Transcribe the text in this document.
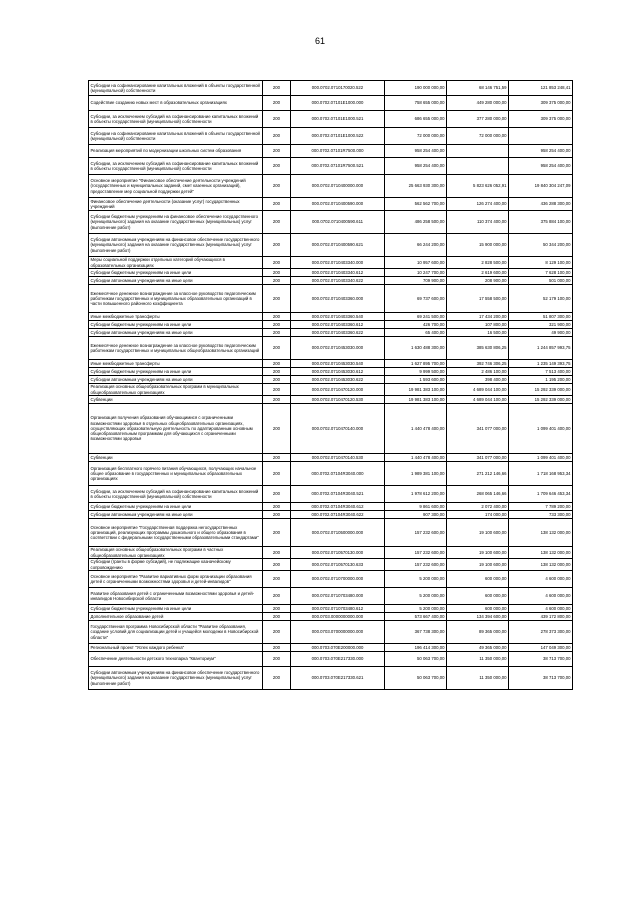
61
Субсидии на софинансирование капитальных вложений в объекты государственной (муниципальной) собственности	200	000.0702.0710170020.522	190 000 000,00	68 146 751,59	121 853 248,41
Содействие созданию новых мест в образовательных организациях	200	000.0702.07101Е1000.000	758 655 000,00	449 280 000,00	309 375 000,00
Субсидии, за исключением субсидий на софинансирование капитальных вложений в объекты государственной (муниципальной) собственности	200	000.0702.07101Е1000.521	686 655 000,00	377 280 000,00	309 375 000,00
Субсидии на софинансирование капитальных вложений в объекты государственной (муниципальной) собственности	200	000.0702.07101Е1000.522	72 000 000,00	72 000 000,00	
Реализация мероприятий по модернизации школьных систем образования	200	000.0702.07101R7500.000	958 254 400,00		958 254 400,00
Субсидии, за исключением субсидий на софинансирование капитальных вложений в объекты государственной (муниципальной) собственности	200	000.0702.07101R7500.521	958 254 400,00		958 254 400,00
Основное мероприятие "Финансовое обеспечение деятельности учреждений (государственных и муниципальных заданий, смет казенных организаций), предоставление мер социальной поддержки детей"	200	000.0702.0710400000.000	25 663 930 300,00	5 823 626 052,91	19 840 304 247,09
Финансовое обеспечение деятельности (оказание услуг) государственных учреждений	200	000.0702.0710400590.000	562 562 700,00	126 274 400,00	436 288 300,00
Субсидии бюджетным учреждениям на финансовое обеспечение государственного (муниципального) задания на оказание государственных (муниципальных) услуг (выполнение работ)	200	000.0702.0710400590.611	486 258 500,00	110 374 400,00	375 884 100,00
Субсидии автономным учреждениям на финансовое обеспечение государственного (муниципального) задания на оказание государственных (муниципальных) услуг (выполнение работ)	200	000.0702.0710400590.621	66 244 200,00	15 900 000,00	50 344 200,00
Меры социальной поддержки отдельных категорий обучающихся в образовательных организациях	200	000.0702.0710403340.000	10 957 600,00	2 828 500,00	8 129 100,00
Субсидии бюджетным учреждениям на иные цели	200	000.0702.0710403340.612	10 247 700,00	2 619 600,00	7 628 100,00
Субсидии автономным учреждениям на иные цели	200	000.0702.0710403340.622	709 900,00	208 900,00	501 000,00
Ежемесячное денежное вознаграждение за классное руководство педагогическим работникам государственных и муниципальных образовательных организаций в части повышенного районного коэффициента	200	000.0702.0710403360.000	69 737 600,00	17 558 500,00	52 179 100,00
Иные межбюджетные трансферты	200	000.0702.0710403360.540	69 241 500,00	17 434 200,00	51 807 300,00
Субсидии бюджетным учреждениям на иные цели	200	000.0702.0710403360.612	426 700,00	107 800,00	321 900,00
Субсидии автономным учреждениям на иные цели	200	000.0702.0710403360.622	65 400,00	16 500,00	49 900,00
Ежемесячное денежное вознаграждение за классное руководство педагогическим работникам государственных и муниципальных общеобразовательных организаций	200	000.0702.0710453030.000	1 630 488 300,00	385 630 806,25	1 244 857 993,75
Иные межбюджетные трансферты	200	000.0702.0710453030.540	1 627 895 700,00	392 746 306,25	1 235 149 393,75
Субсидии бюджетным учреждениям на иные цели	200	000.0702.0710453030.612	9 999 500,00	2 486 100,00	7 513 400,00
Субсидии автономным учреждениям на иные цели	200	000.0702.0710453030.622	1 593 600,00	398 400,00	1 195 200,00
Реализация основных общеобразовательных программ в муниципальных общеобразовательных организациях	200	000.0702.0710470120.000	19 981 383 100,00	4 689 044 100,00	15 292 339 000,00
Субвенции	200	000.0702.0710470120.530	19 981 383 100,00	4 689 044 100,00	15 292 339 000,00
Организация получения образования обучающимися с ограниченными возможностями здоровья в отдельных общеобразовательных организациях, осуществляющих образовательную деятельность по адаптированным основным общеобразовательным программам для обучающихся с ограниченными возможностями здоровья	200	000.0702.0710470140.000	1 440 478 400,00	341 077 000,00	1 099 401 400,00
Субвенции	200	000.0702.0710470140.530	1 440 478 400,00	341 077 000,00	1 099 401 400,00
Организация бесплатного горячего питания обучающихся, получающих начальное общее образование в государственных и муниципальных образовательных организациях	200	000.0702.07104R3040.000	1 989 381 100,00	271 212 146,66	1 718 168 953,34
Субсидии, за исключением субсидий на софинансирование капитальных вложений в объекты государственной (муниципальной) собственности	200	000.0702.07104R3040.521	1 978 612 200,00	268 065 146,66	1 709 646 453,34
Субсидии бюджетным учреждениям на иные цели	200	000.0702.07104R3040.612	9 861 600,00	2 072 400,00	7 789 200,00
Субсидии автономным учреждениям на иные цели	200	000.0702.07104R3040.622	907 300,00	174 000,00	733 300,00
Основное мероприятие "Государственная поддержка негосударственных организаций, реализующих программы дошкольного и общего образования в соответствии с федеральными государственными образовательными стандартами"	200	000.0702.0710500000.000	157 232 600,00	19 100 600,00	138 132 000,00
Реализация основных общеобразовательных программ в частных общеобразовательных организациях	200	000.0702.0710570130.000	157 232 600,00	19 100 600,00	138 132 000,00
Субсидии (гранты в форме субсидий), не подлежащие казначейскому сопровождению	200	000.0702.0710570130.633	157 232 600,00	19 100 600,00	138 132 000,00
Основное мероприятие "Развитие вариативных форм организации образования детей с ограниченными возможностями здоровья и детей-инвалидов"	200	000.0702.0710700000.000	5 200 000,00	600 000,00	4 600 000,00
Развитие образования детей с ограниченными возможностями здоровья и детей-инвалидов Новосибирской области	200	000.0702.0710703480.000	5 200 000,00	600 000,00	4 600 000,00
Субсидии бюджетным учреждениям на иные цели	200	000.0702.0710703480.612	5 200 000,00	600 000,00	4 600 000,00
Дополнительное образование детей	200	000.0703.0000000000.000	573 667 400,00	134 394 600,00	439 172 800,00
Государственная программа Новосибирской области "Развитие образования, создание условий для социализации детей и учащейся молодежи в Новосибирской области"	200	000.0703.0700000000.000	367 738 300,00	89 365 000,00	278 373 300,00
Региональный проект "Успех каждого ребенка"	200	000.0703.070Е200000.000	196 414 300,00	49 365 000,00	147 049 300,00
Обеспечение деятельности детского технопарка "Кванториум"	200	000.0703.070Е217330.000	50 063 700,00	11 350 000,00	38 713 700,00
Субсидии автономным учреждениям на финансовое обеспечение государственного (муниципального) задания на оказание государственных (муниципальных) услуг (выполнение работ)	200	000.0703.070Е217330.621	50 063 700,00	11 350 000,00	38 713 700,00
